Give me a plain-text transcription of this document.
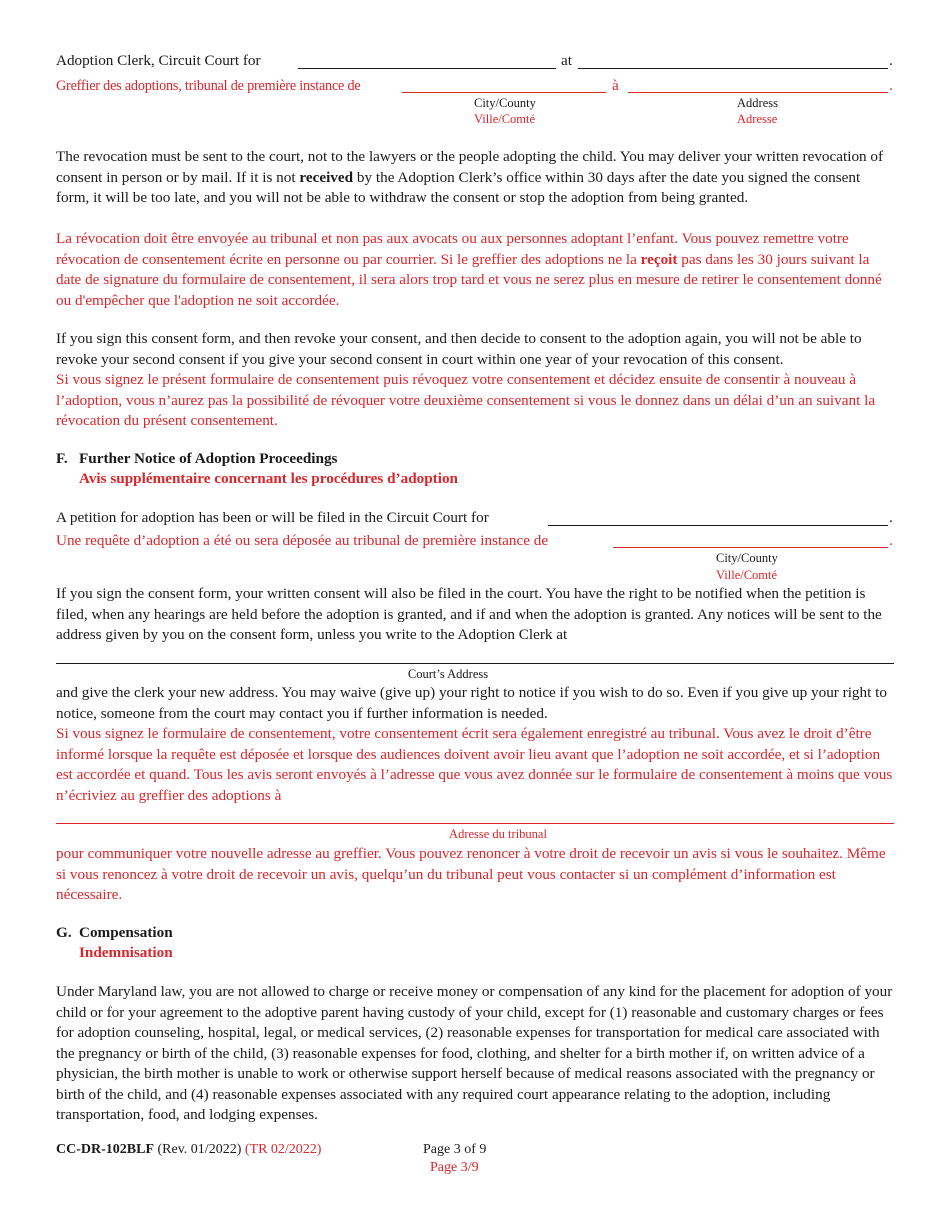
Adoption Clerk, Circuit Court for	at	.
Greffier des adoptions, tribunal de première instance de	à	.
City/County
Ville/Comté
Address
Adresse

The revocation must be sent to the court, not to the lawyers or the people adopting the child. You may deliver your written revocation of consent in person or by mail. If it is not received by the Adoption Clerk’s office within 30 days after the date you signed the consent form, it will be too late, and you will not be able to withdraw the consent or stop the adoption from being granted.

La révocation doit être envoyée au tribunal et non pas aux avocats ou aux personnes adoptant l’enfant. Vous pouvez remettre votre révocation de consentement écrite en personne ou par courrier. Si le greffier des adoptions ne la reçoit pas dans les 30 jours suivant la date de signature du formulaire de consentement, il sera alors trop tard et vous ne serez plus en mesure de retirer le consentement donné ou d'empêcher que l'adoption ne soit accordée.

If you sign this consent form, and then revoke your consent, and then decide to consent to the adoption again, you will not be able to revoke your second consent if you give your second consent in court within one year of your revocation of this consent.

Si vous signez le présent formulaire de consentement puis révoquez votre consentement et décidez ensuite de consentir à nouveau à l’adoption, vous n’aurez pas la possibilité de révoquer votre deuxième consentement si vous le donnez dans un délai d’un an suivant la révocation du présent consentement.

F. Further Notice of Adoption Proceedings
Avis supplémentaire concernant les procédures d’adoption
A petition for adoption has been or will be filed in the Circuit Court for	.
Une requête d’adoption a été ou sera déposée au tribunal de première instance de	.
City/County
Ville/Comté

If you sign the consent form, your written consent will also be filed in the court. You have the right to be notified when the petition is filed, when any hearings are held before the adoption is granted, and if and when the adoption is granted. Any notices will be sent to the address given by you on the consent form, unless you write to the Adoption Clerk at

Court’s Address

and give the clerk your new address. You may waive (give up) your right to notice if you wish to do so. Even if you give up your right to notice, someone from the court may contact you if further information is needed.

Si vous signez le formulaire de consentement, votre consentement écrit sera également enregistré au tribunal. Vous avez le droit d’être informé lorsque la requête est déposée et lorsque des audiences doivent avoir lieu avant que l’adoption ne soit accordée, et si l’adoption est accordée et quand. Tous les avis seront envoyés à l’adresse que vous avez donnée sur le formulaire de consentement à moins que vous n’écriviez au greffier des adoptions à

Adresse du tribunal

pour communiquer votre nouvelle adresse au greffier. Vous pouvez renoncer à votre droit de recevoir un avis si vous le souhaitez. Même si vous renoncez à votre droit de recevoir un avis, quelqu’un du tribunal peut vous contacter si un complément d’information est nécessaire.

G. Compensation
Indemnisation

Under Maryland law, you are not allowed to charge or receive money or compensation of any kind for the placement for adoption of your child or for your agreement to the adoptive parent having custody of your child, except for (1) reasonable and customary charges or fees for adoption counseling, hospital, legal, or medical services, (2) reasonable expenses for transportation for medical care associated with the pregnancy or birth of the child, (3) reasonable expenses for food, clothing, and shelter for a birth mother if, on written advice of a physician, the birth mother is unable to work or otherwise support herself because of medical reasons associated with the pregnancy or birth of the child, and (4) reasonable expenses associated with any required court appearance relating to the adoption, including transportation, food, and lodging expenses.

CC-DR-102BLF (Rev. 01/2022) (TR 02/2022)	Page 3 of 9
Page 3/9
